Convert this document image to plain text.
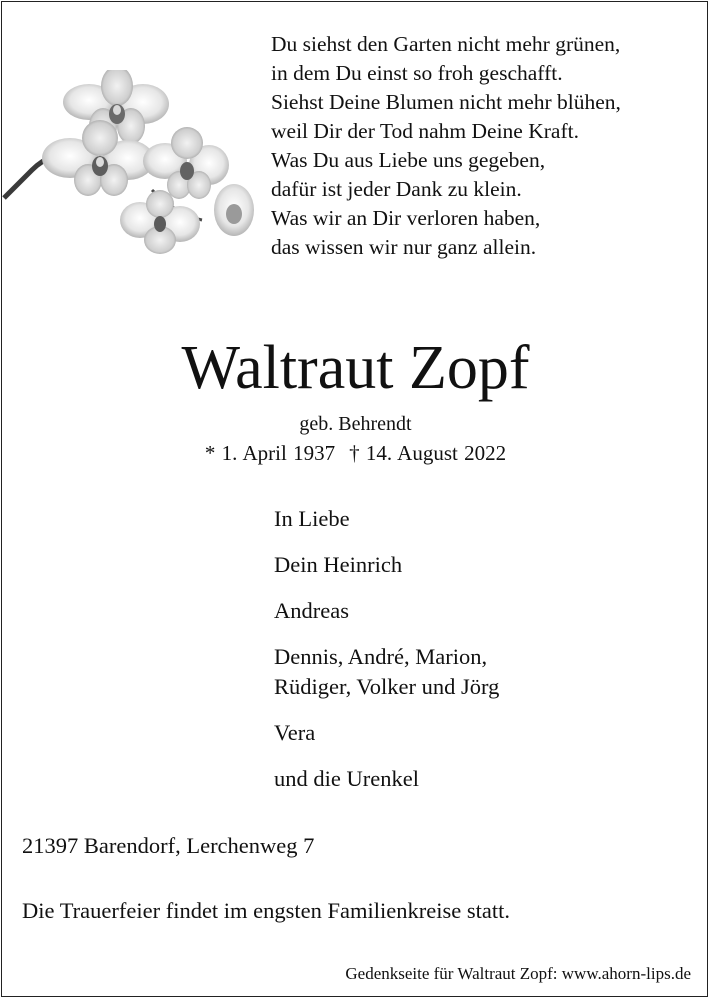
Du siehst den Garten nicht mehr grünen,
in dem Du einst so froh geschafft.
Siehst Deine Blumen nicht mehr blühen,
weil Dir der Tod nahm Deine Kraft.
Was Du aus Liebe uns gegeben,
dafür ist jeder Dank zu klein.
Was wir an Dir verloren haben,
das wissen wir nur ganz allein.
Waltraut Zopf
geb. Behrendt
* 1. April 1937 † 14. August 2022
In Liebe
Dein Heinrich
Andreas
Dennis, André, Marion,
Rüdiger, Volker und Jörg
Vera
und die Urenkel
21397 Barendorf, Lerchenweg 7
Die Trauerfeier findet im engsten Familienkreise statt.
Gedenkseite für Waltraut Zopf: www.ahorn-lips.de
